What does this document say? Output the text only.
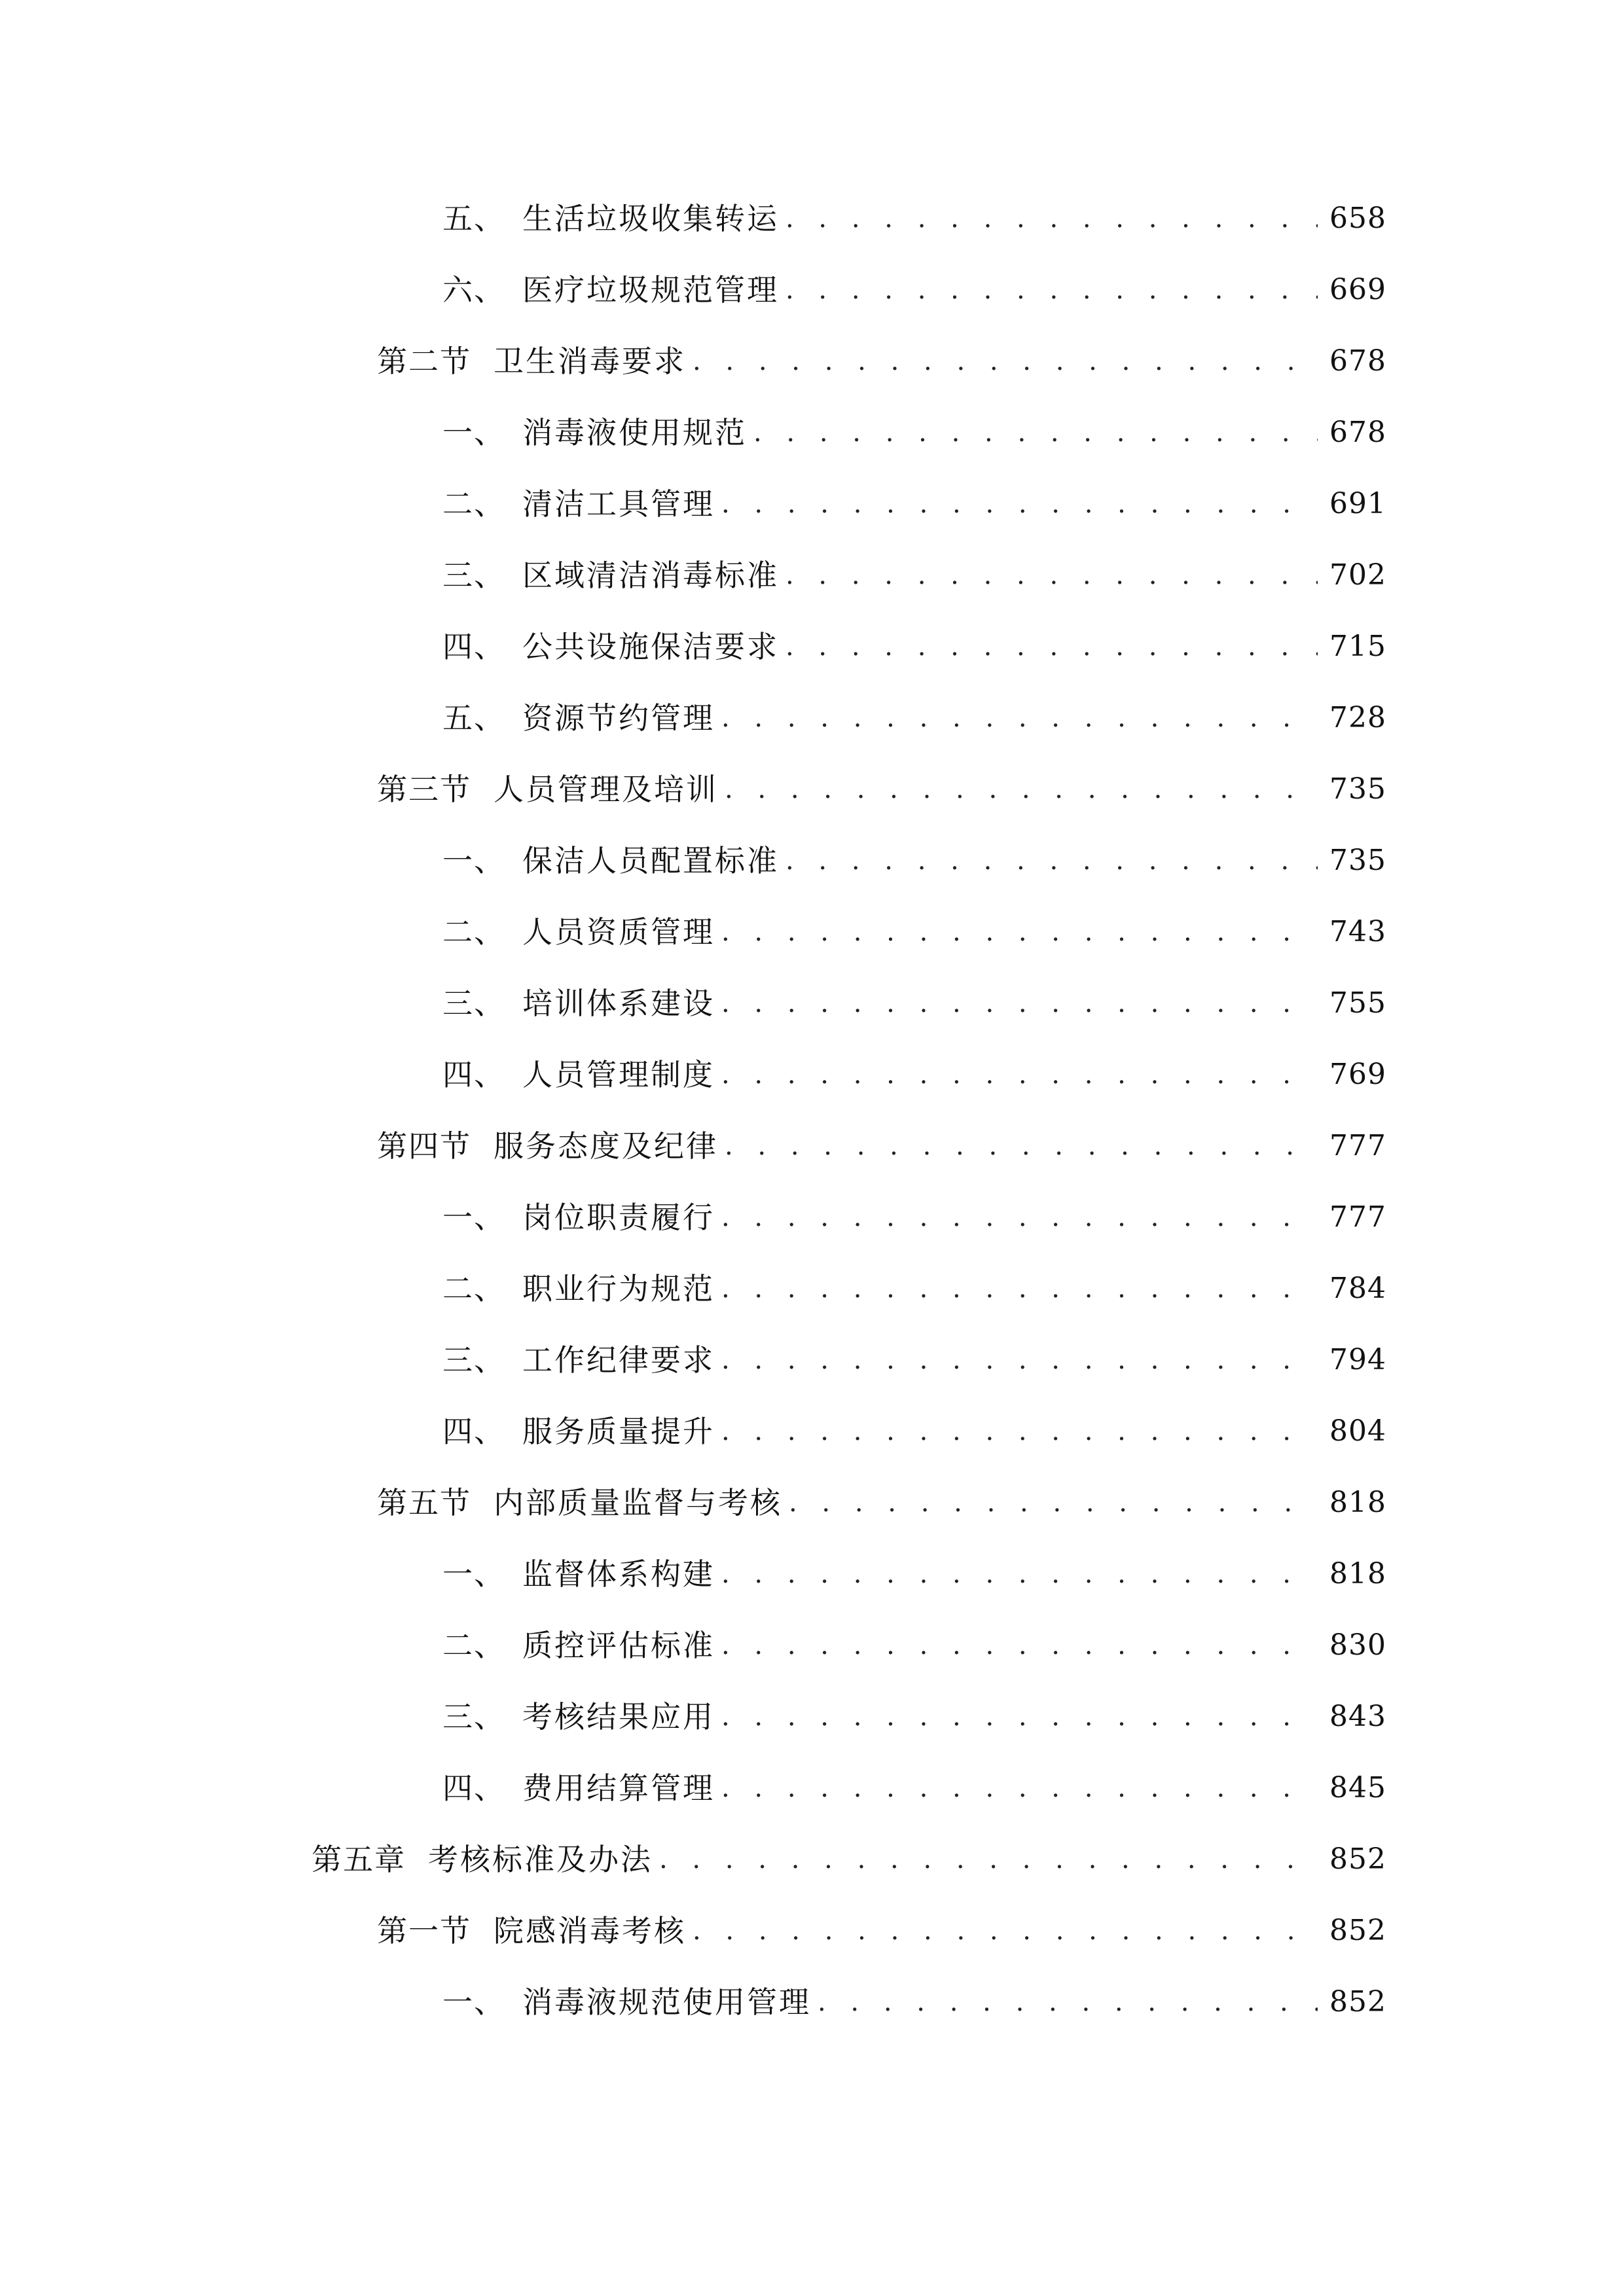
五、 生活垃圾收集转运 . . .	658
六、 医疗垃圾规范管理 . . .	669
第二节 卫生消毒要求 . . .	678
一、 消毒液使用规范 . . .	678
二、 清洁工具管理 . . .	691
三、 区域清洁消毒标准 . . .	702
四、 公共设施保洁要求 . . .	715
五、 资源节约管理 . . .	728
第三节 人员管理及培训 . . .	735
一、 保洁人员配置标准 . . .	735
二、 人员资质管理 . . .	743
三、 培训体系建设 . . .	755
四、 人员管理制度 . . .	769
第四节 服务态度及纪律 . . .	777
一、 岗位职责履行 . . .	777
二、 职业行为规范 . . .	784
三、 工作纪律要求 . . .	794
四、 服务质量提升 . . .	804
第五节 内部质量监督与考核 . . .	818
一、 监督体系构建 . . .	818
二、 质控评估标准 . . .	830
三、 考核结果应用 . . .	843
四、 费用结算管理 . . .	845
第五章 考核标准及办法 . . .	852
第一节 院感消毒考核 . . .	852
一、 消毒液规范使用管理 . . .	852
